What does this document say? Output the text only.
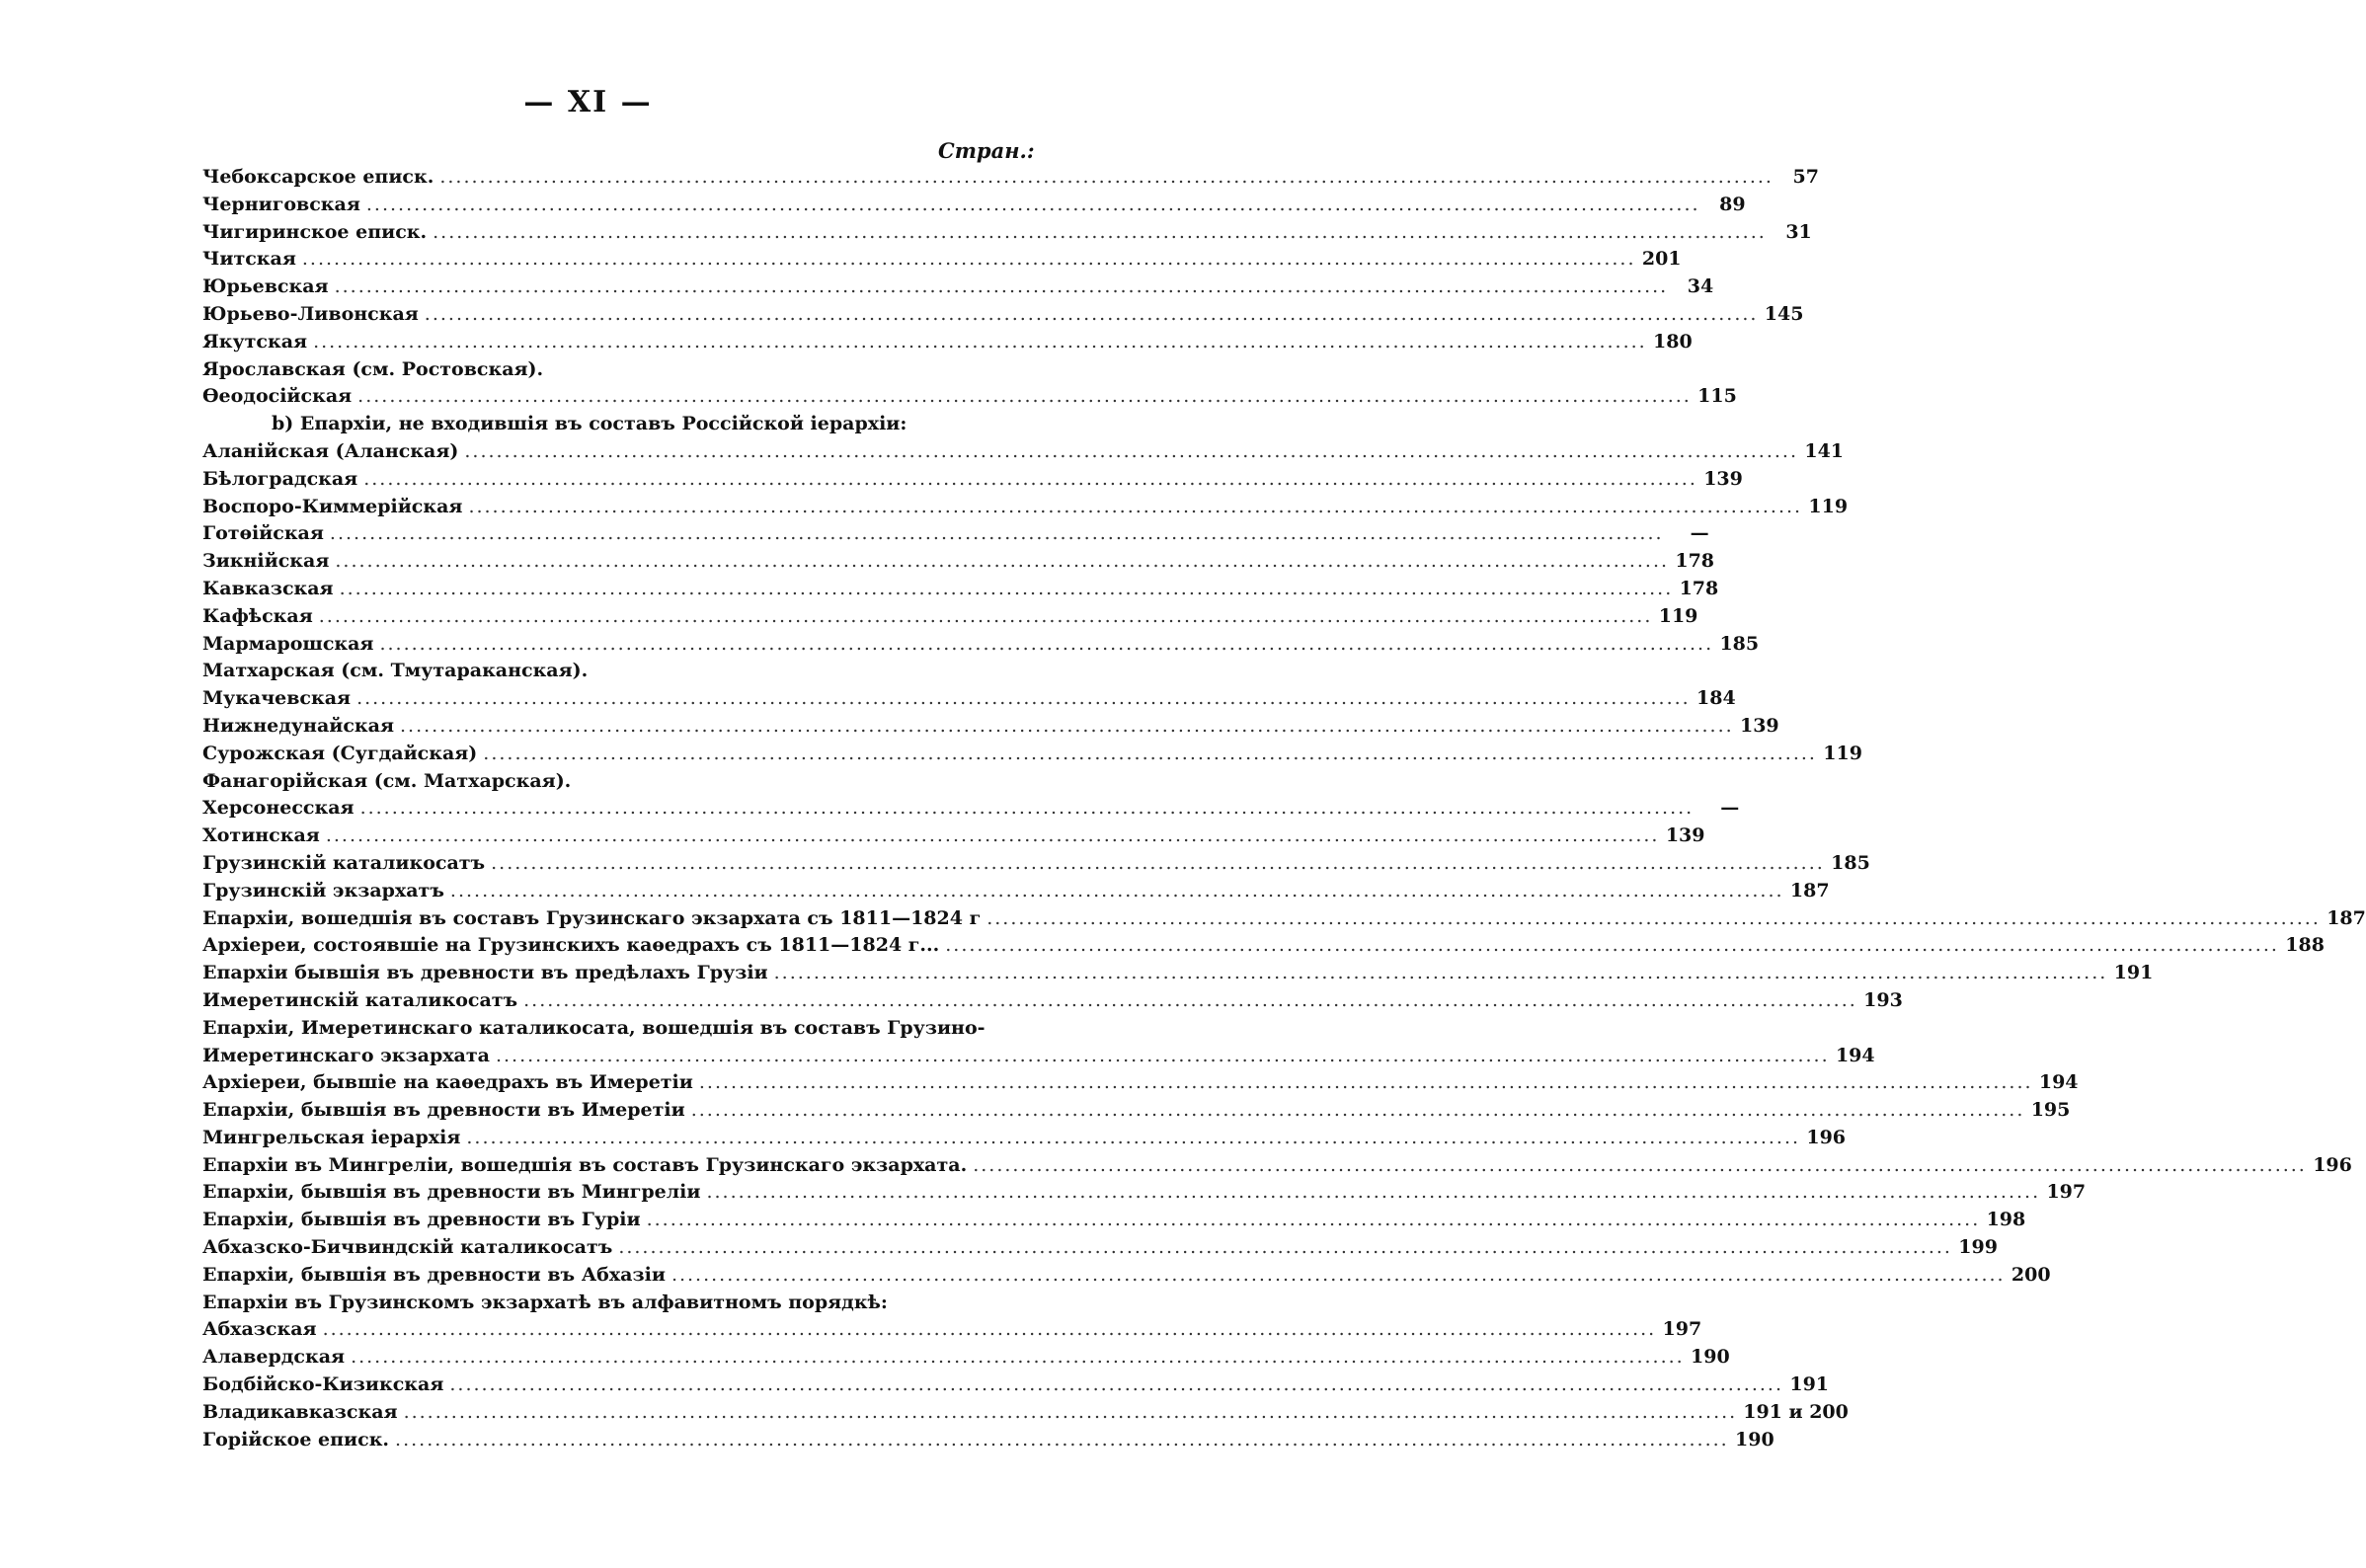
— XI —
Стран.:
Чебоксарское еписк. .....	57
Черниговская .....	89
Чигиринское еписк. .....	31
Читская .....	201
Юрьевская .....	34
Юрьево-Ливонская .....	145
Якутская .....	180
Ярославская (см. Ростовская).
Ѳеодосiйская .....	115
b) Епархiи, не входившiя въ составъ Россiйской iерархiи:
Аланiйская (Аланская) .....	141
Бѣлоградская .....	139
Воспоро-Киммерiйская .....	119
Готѳiйская .....	—
Зикнiйская .....	178
Кавказская .....	178
Кафѣская .....	119
Мармарошская .....	185
Матхарская (см. Тмутараканская).
Мукачевская .....	184
Нижнедунайская .....	139
Сурожская (Сугдайская) .....	119
Фанагорiйская (см. Матхарская).
Херсонесская .....	—
Хотинская .....	139
Грузинскiй каталикосатъ .....	185
Грузинскiй экзархатъ .....	187
Епархiи, вошедшiя въ составъ Грузинскаго экзархата съ 1811—1824 г .....	187
Архiереи, состоявшiе на Грузинскихъ каѳедрахъ съ 1811—1824 г... .....	188
Епархiи бывшiя въ древности въ предѣлахъ Грузiи .....	191
Имеретинскiй каталикосатъ .....	193
Епархiи, Имеретинскаго каталикосата, вошедшiя въ составъ Грузино-
Имеретинскаго экзархата .....	194
Архiереи, бывшiе на каѳедрахъ въ Имеретiи .....	194
Епархiи, бывшiя въ древности въ Имеретiи .....	195
Мингрельская iерархiя .....	196
Епархiи въ Мингрелiи, вошедшiя въ составъ Грузинскаго экзархата. .....	196
Епархiи, бывшiя въ древности въ Мингрелiи .....	197
Епархiи, бывшiя въ древности въ Гурiи .....	198
Абхазско-Бичвиндскiй каталикосатъ .....	199
Епархiи, бывшiя въ древности въ Абхазiи .....	200
Епархiи въ Грузинскомъ экзархатѣ въ алфавитномъ порядкѣ:
Абхазская .....	197
Алавердская .....	190
Бодбiйско-Кизикская .....	191
Владикавказская .....	191 и 200
Горiйское еписк. .....	190
